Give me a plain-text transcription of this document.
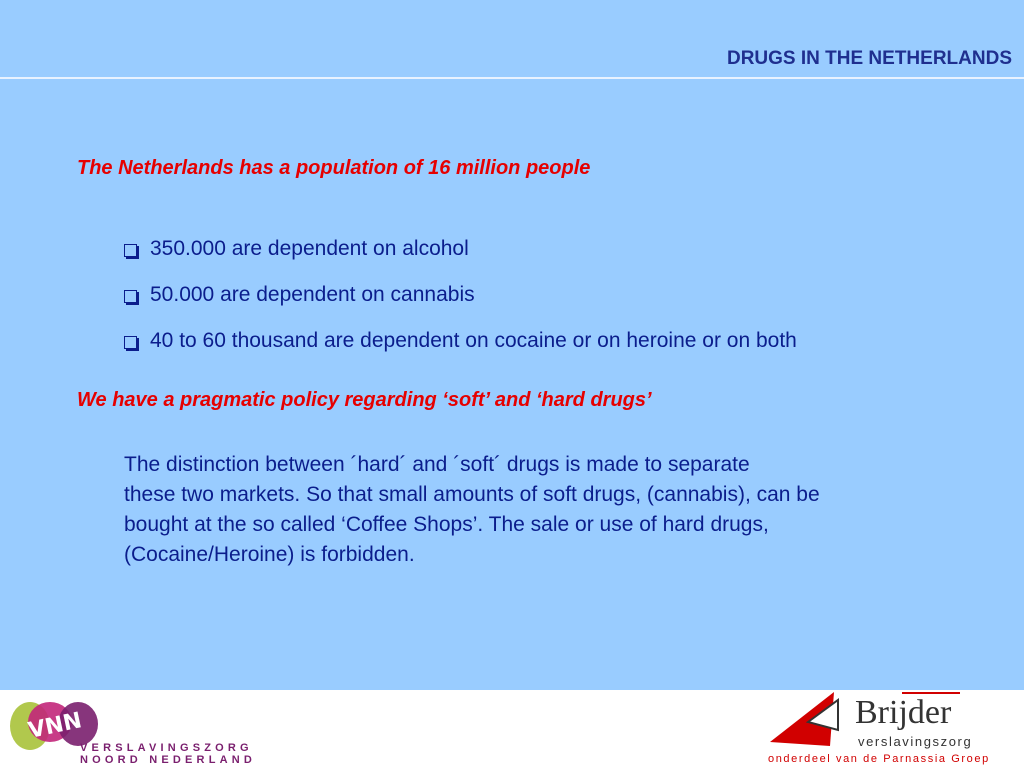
DRUGS IN THE NETHERLANDS
The Netherlands has a population of 16 million people
350.000 are dependent on alcohol
50.000 are dependent on cannabis
40 to 60 thousand are dependent on cocaine or on heroine or on both
We have a pragmatic policy regarding ‘soft’ and ‘hard drugs’

The distinction between ´hard´ and ´soft´ drugs is made to separate
these two markets. So that small amounts of soft drugs, (cannabis), can be
bought at the so called ‘Coffee Shops’. The sale or use of hard drugs,
(Cocaine/Heroine) is forbidden.

VNN
VERSLAVINGSZORG
NOORD NEDERLAND
Brijder
verslavingszorg
onderdeel van de Parnassia Groep
